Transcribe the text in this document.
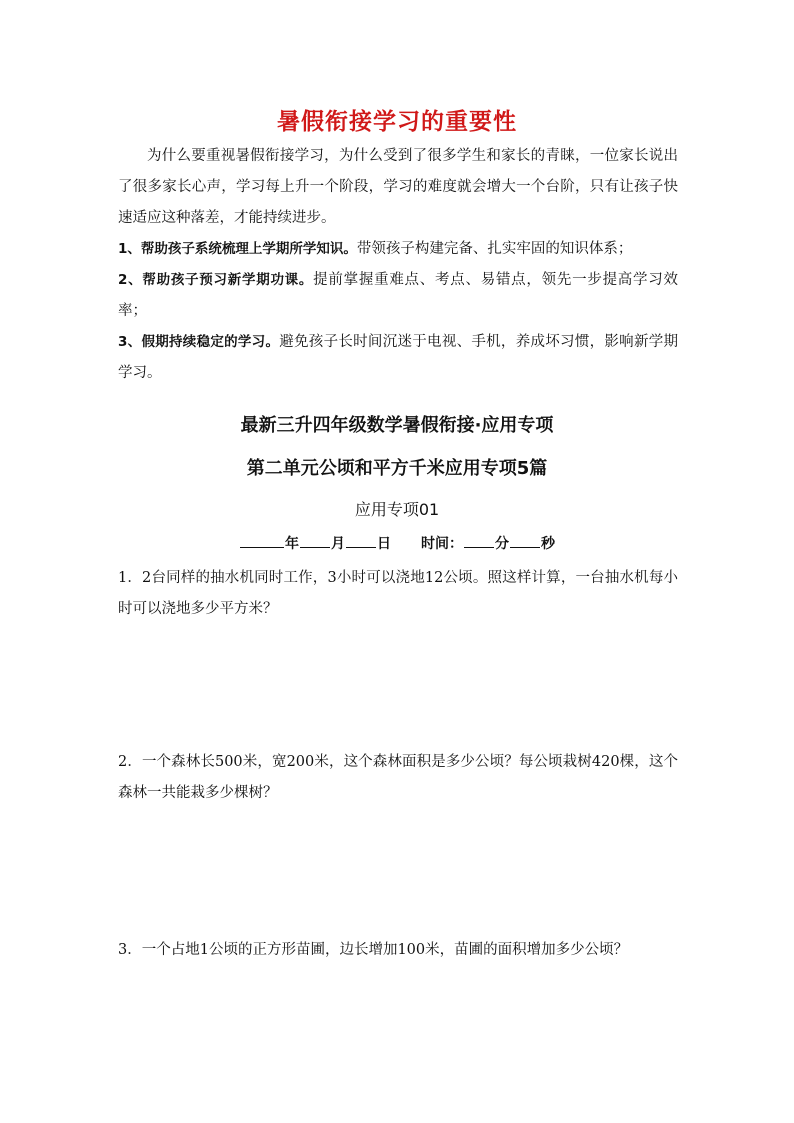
暑假衔接学习的重要性
为什么要重视暑假衔接学习，为什么受到了很多学生和家长的青睐，一位家长说出了很多家长心声，学习每上升一个阶段，学习的难度就会增大一个台阶，只有让孩子快速适应这种落差，才能持续进步。
1、帮助孩子系统梳理上学期所学知识。带领孩子构建完备、扎实牢固的知识体系；
2、帮助孩子预习新学期功课。提前掌握重难点、考点、易错点，领先一步提高学习效率；
3、假期持续稳定的学习。避免孩子长时间沉迷于电视、手机，养成坏习惯，影响新学期学习。
最新三升四年级数学暑假衔接·应用专项
第二单元公顷和平方千米应用专项5篇
应用专项01
年 月 日 时间： 分 秒
1．2台同样的抽水机同时工作，3小时可以浇地12公顷。照这样计算，一台抽水机每小时可以浇地多少平方米？
2．一个森林长500米，宽200米，这个森林面积是多少公顷？每公顷栽树420棵，这个森林一共能栽多少棵树？
3．一个占地1公顷的正方形苗圃，边长增加100米，苗圃的面积增加多少公顷？
